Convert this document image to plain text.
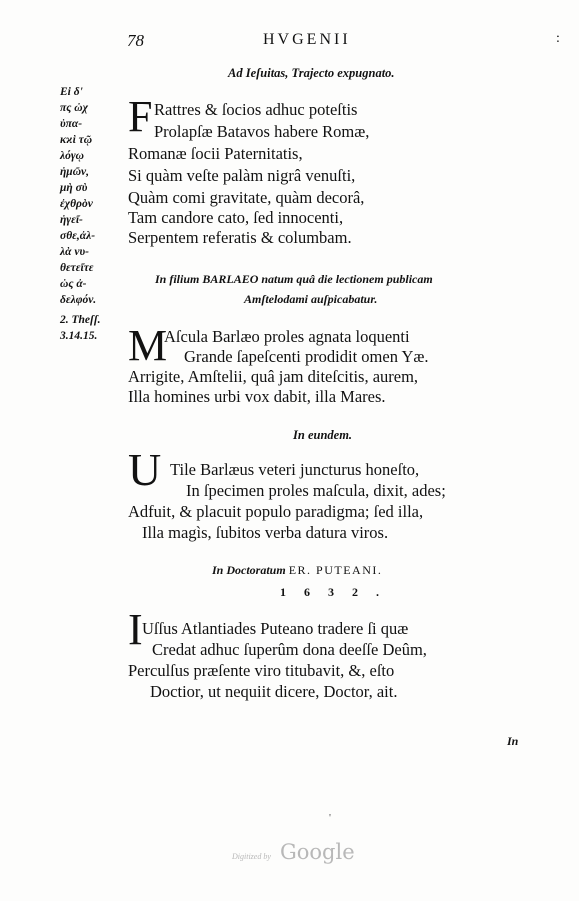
78	HVGENII	:
Ei δ'
πς ὡχ
ὑπα-
κϰὶ τῷ
λόγῳ
ἡμῶν,
μὴ σὺ
ἐχθρὸν
ἡγεῖ-
σθε,ἀλ-
λὰ νυ-
θετεῖτε
ὡς ἀ-
δελφόν.
2. Theſſ.
3.14.15.
Ad Ieſuitas, Trajecto expugnato.
F Rattres & ſocios adhuc poteſtis
Prolapſæ Batavos habere Romæ,
Romanæ ſocii Paternitatis,
Si quàm veſte palàm nigrâ venuſti,
Quàm comi gravitate, quàm decorâ,
Tam candore cato, ſed innocenti,
Serpentem referatis & columbam.
In filium BARLAEO natum quâ die lectionem publicam
Amſtelodami auſpicabatur.
M
Aſcula Barlæo proles agnata loquenti
Grande ſapeſcenti prodidit omen Yæ.
Arrigite, Amſtelii, quâ jam diteſcitis, aurem,
Illa homines urbi vox dabit, illa Mares.
In eundem.
U Tile Barlæus veteri juncturus honeſto,
In ſpecimen proles maſcula, dixit, ades;
Adfuit, & placuit populo paradigma; ſed illa,
Illa magìs, ſubitos verba datura viros.
In Doctoratum ER. PUTEANI.
1632.
I Uſſus Atlantiades Puteano tradere ſi quæ
Credat adhuc ſuperûm dona deeſſe Deûm,
Perculſus præſente viro titubavit, &, eſto
Doctior, ut nequiit dicere, Doctor, ait.
In
'
Digitized by Google
